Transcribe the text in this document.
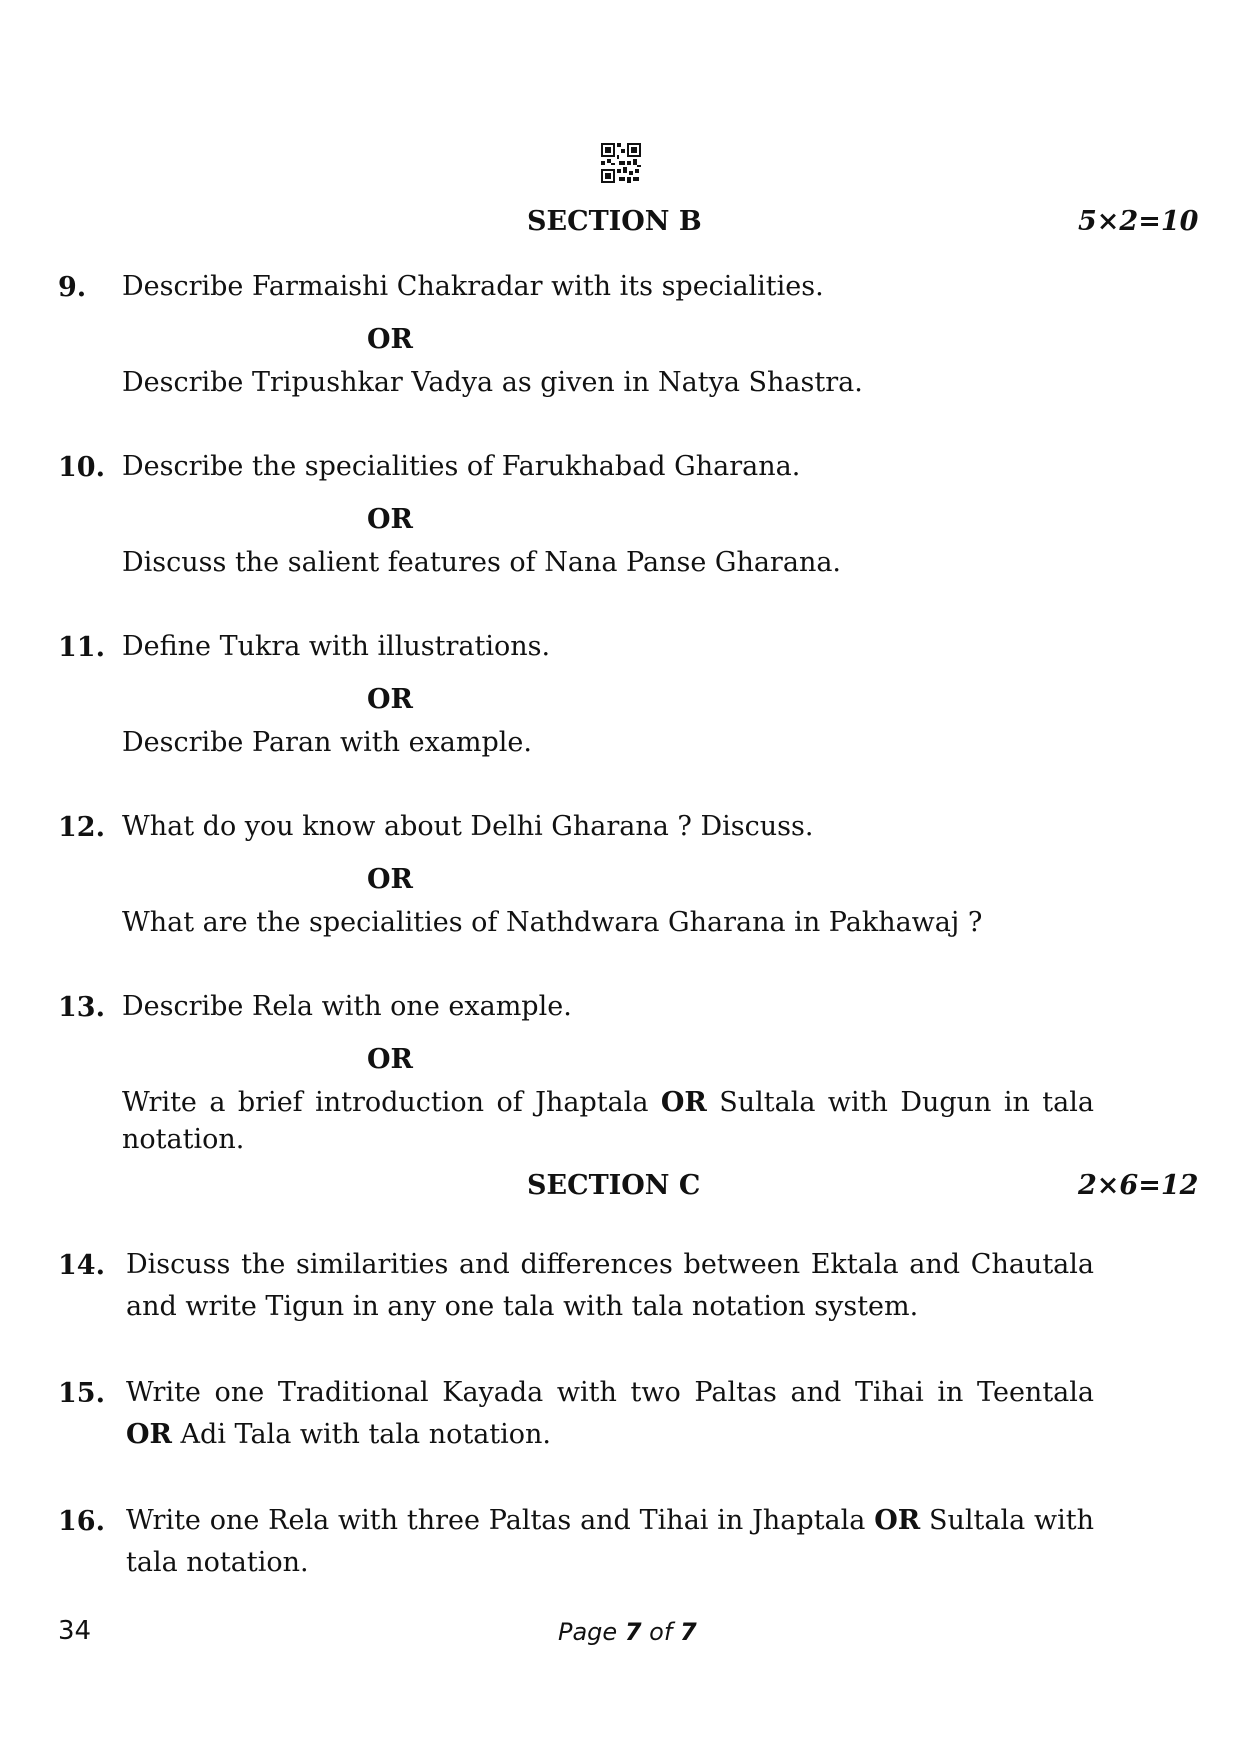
SECTION B	5×2=10
9. Describe Farmaishi Chakradar with its specialities.
OR
Describe Tripushkar Vadya as given in Natya Shastra.
10. Describe the specialities of Farukhabad Gharana.
OR
Discuss the salient features of Nana Panse Gharana.
11. Define Tukra with illustrations.
OR
Describe Paran with example.
12. What do you know about Delhi Gharana ? Discuss.
OR
What are the specialities of Nathdwara Gharana in Pakhawaj ?
13. Describe Rela with one example.
OR
Write a brief introduction of Jhaptala OR Sultala with Dugun in tala notation.
SECTION C	2×6=12
14. Discuss the similarities and differences between Ektala and Chautala and write Tigun in any one tala with tala notation system.
15. Write one Traditional Kayada with two Paltas and Tihai in Teentala OR Adi Tala with tala notation.
16. Write one Rela with three Paltas and Tihai in Jhaptala OR Sultala with tala notation.
34	Page 7 of 7
